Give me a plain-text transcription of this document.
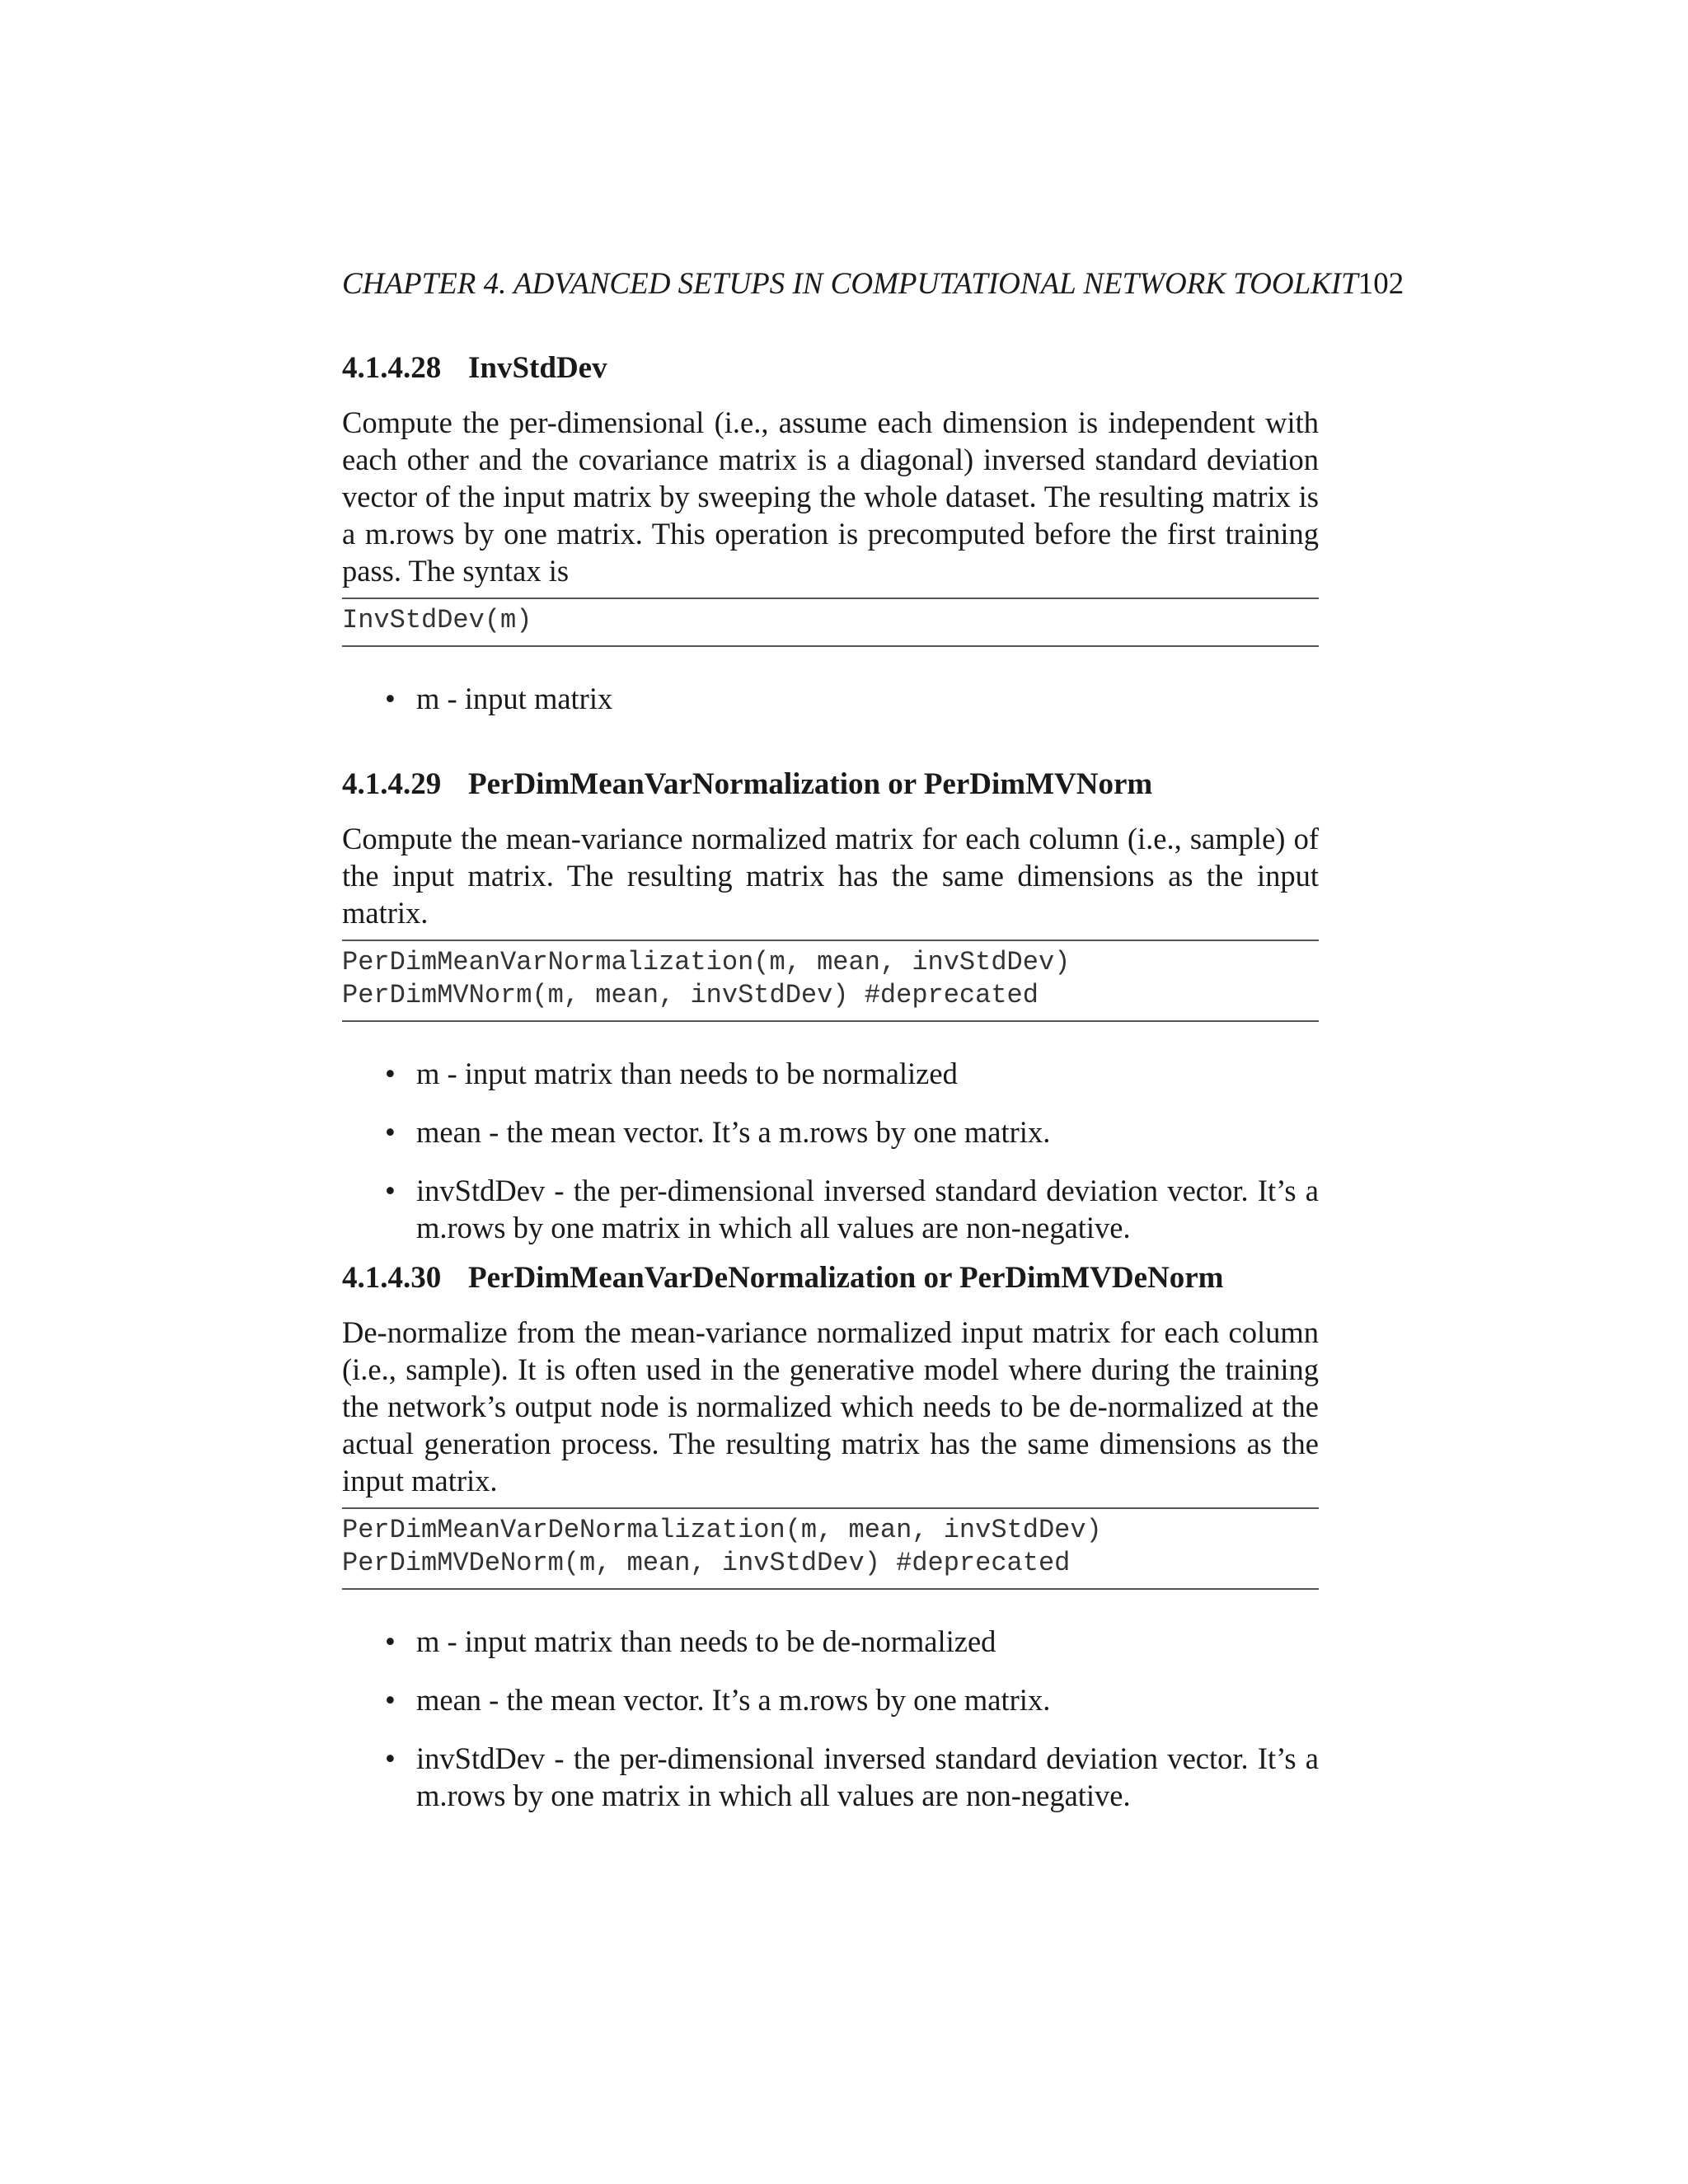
CHAPTER 4. ADVANCED SETUPS IN COMPUTATIONAL NETWORK TOOLKIT102
4.1.4.28 InvStdDev
Compute the per-dimensional (i.e., assume each dimension is independent with each other and the covariance matrix is a diagonal) inversed standard deviation vector of the input matrix by sweeping the whole dataset. The resulting matrix is a m.rows by one matrix. This operation is precomputed before the first training pass. The syntax is
InvStdDev(m)
• m - input matrix
4.1.4.29 PerDimMeanVarNormalization or PerDimMVNorm
Compute the mean-variance normalized matrix for each column (i.e., sample) of the input matrix. The resulting matrix has the same dimensions as the input matrix.
PerDimMeanVarNormalization(m, mean, invStdDev)
PerDimMVNorm(m, mean, invStdDev) #deprecated
• m - input matrix than needs to be normalized
• mean - the mean vector. It’s a m.rows by one matrix.
• invStdDev - the per-dimensional inversed standard deviation vector. It’s a m.rows by one matrix in which all values are non-negative.
4.1.4.30 PerDimMeanVarDeNormalization or PerDimMVDeNorm
De-normalize from the mean-variance normalized input matrix for each column (i.e., sample). It is often used in the generative model where during the training the network’s output node is normalized which needs to be de-normalized at the actual generation process. The resulting matrix has the same dimensions as the input matrix.
PerDimMeanVarDeNormalization(m, mean, invStdDev)
PerDimMVDeNorm(m, mean, invStdDev) #deprecated
• m - input matrix than needs to be de-normalized
• mean - the mean vector. It’s a m.rows by one matrix.
• invStdDev - the per-dimensional inversed standard deviation vector. It’s a m.rows by one matrix in which all values are non-negative.
